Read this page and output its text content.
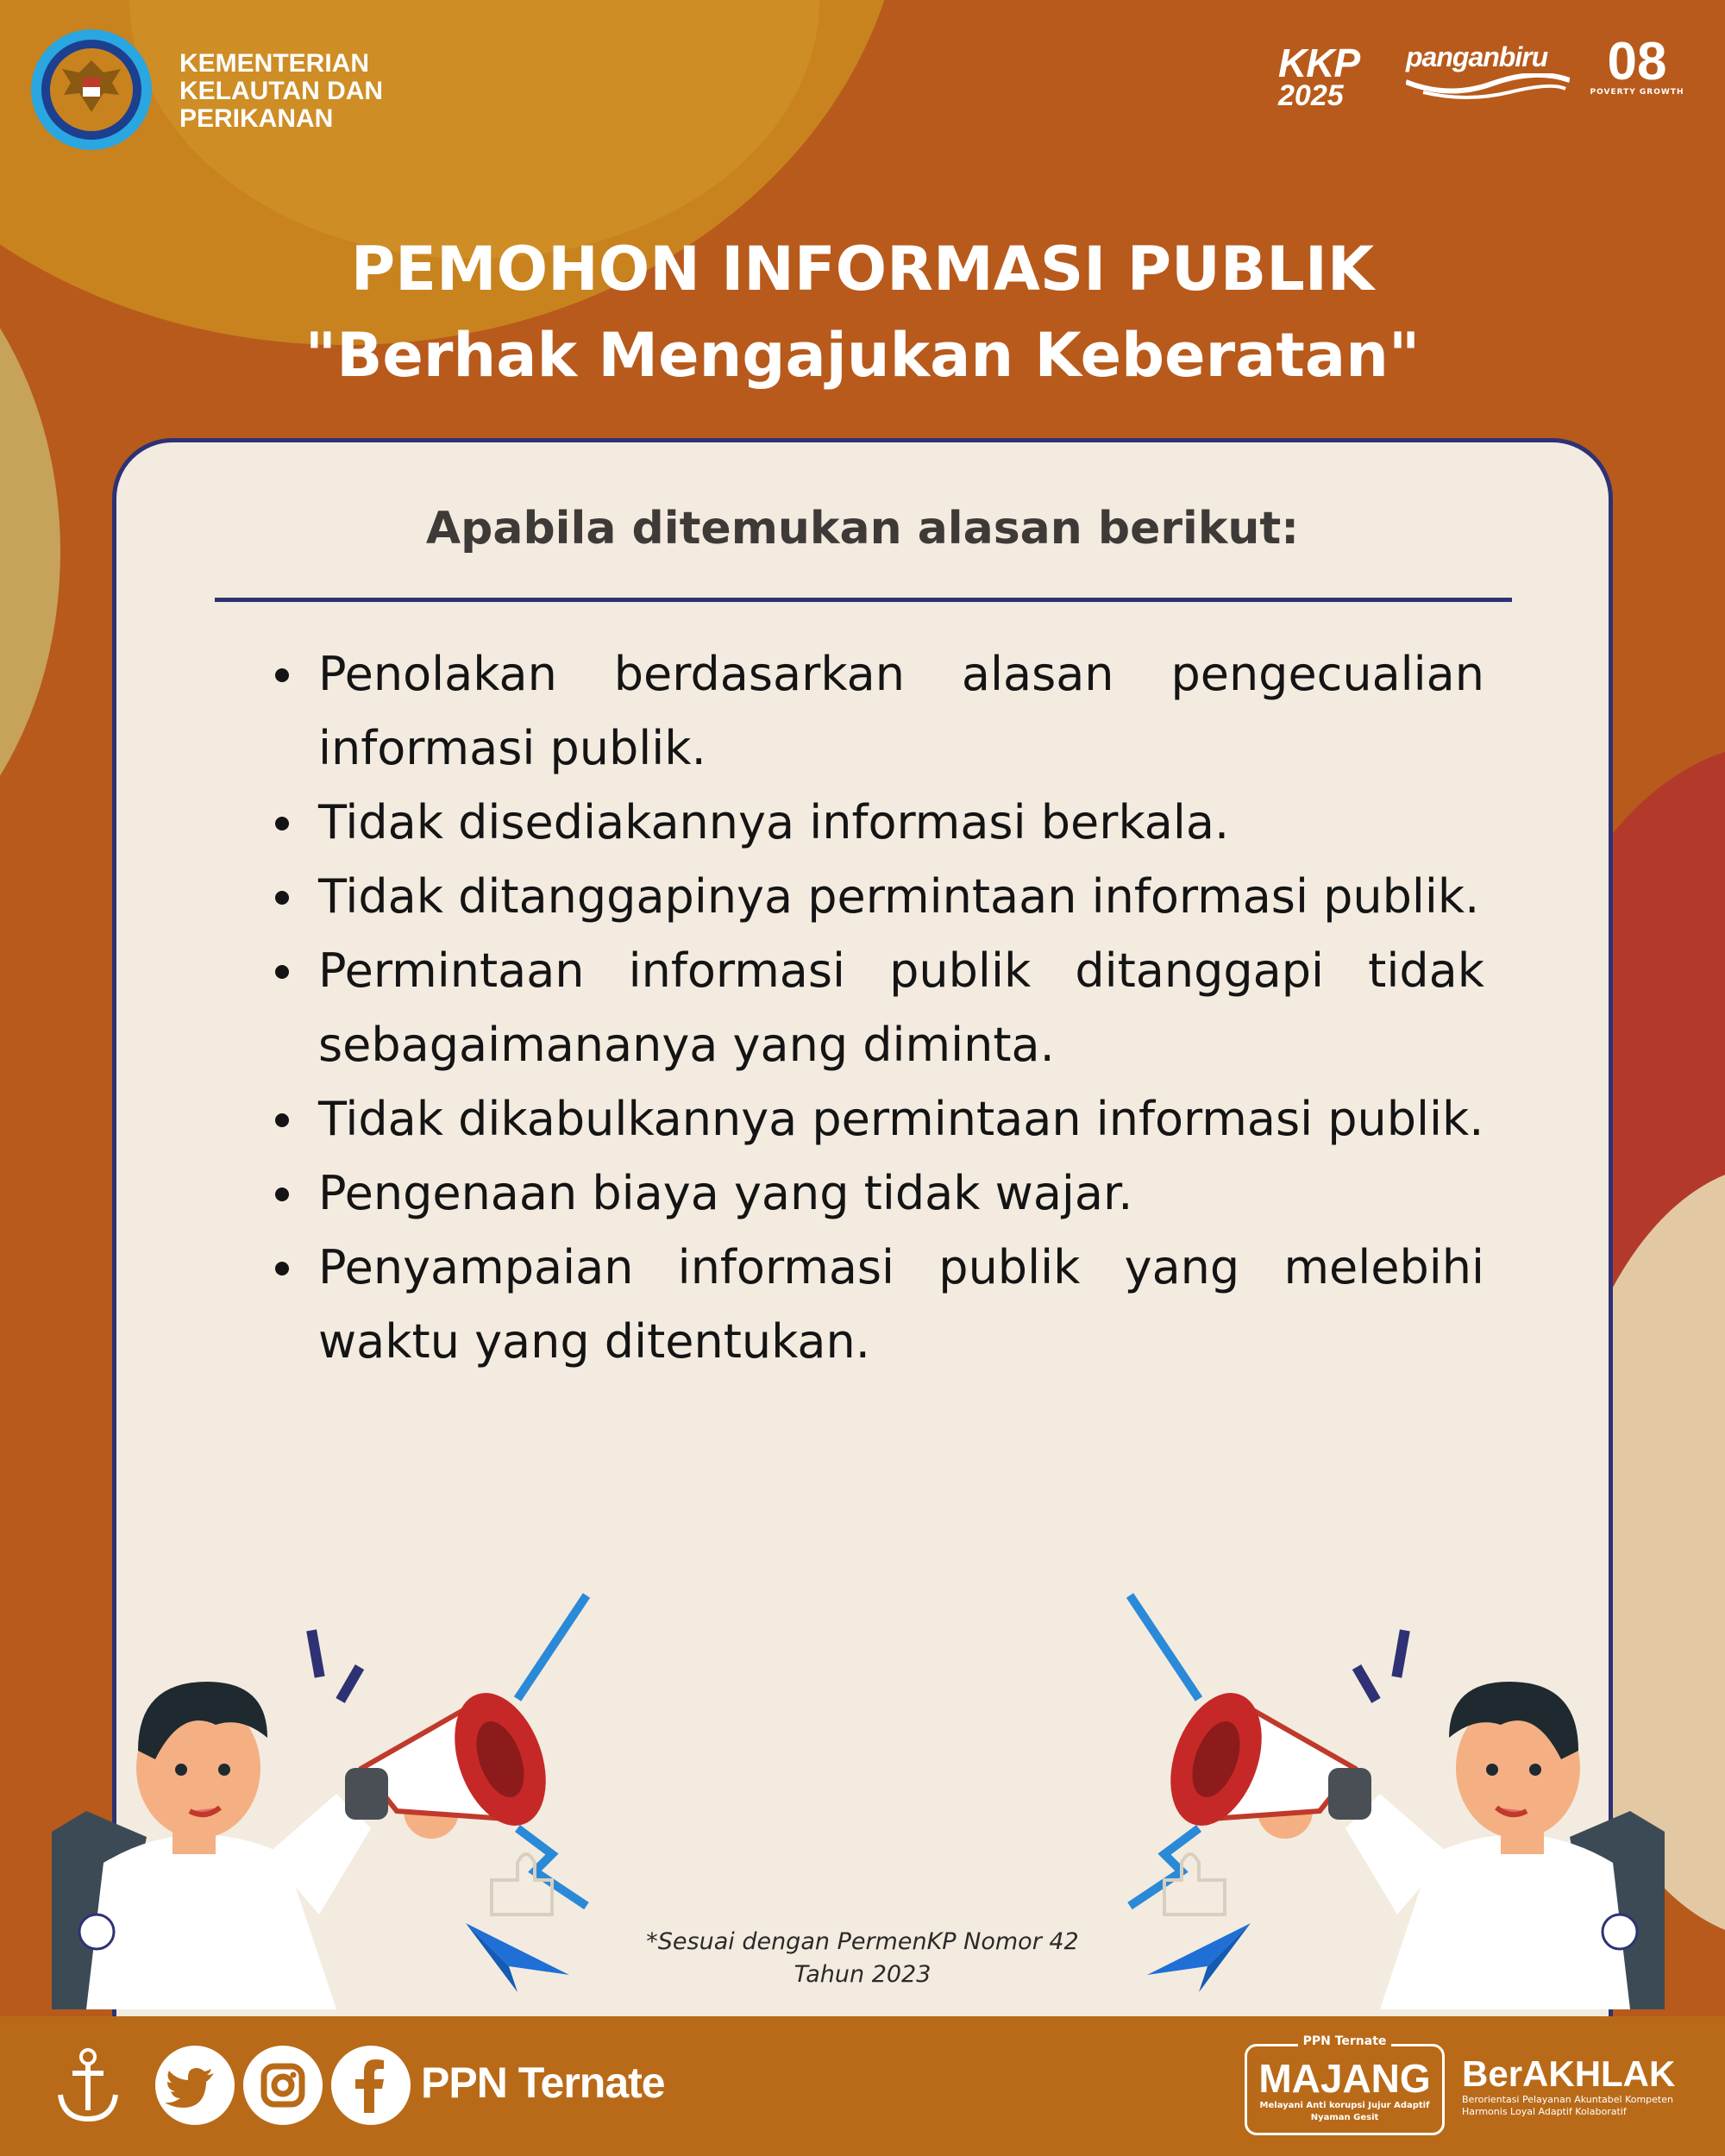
KEMENTERIAN
KELAUTAN DAN
PERIKANAN
KKP
2025
panganbiru	08
POVERTY GROWTH
PEMOHON INFORMASI PUBLIK
"Berhak Mengajukan Keberatan"
Apabila ditemukan alasan berikut:
Penolakan berdasarkan alasan pengecualian informasi publik.
Tidak disediakannya informasi berkala.
Tidak ditanggapinya permintaan informasi publik.
Permintaan informasi publik ditanggapi tidak sebagaimananya yang diminta.
Tidak dikabulkannya permintaan informasi publik.
Pengenaan biaya yang tidak wajar.
Penyampaian informasi publik yang melebihi waktu yang ditentukan.
*Sesuai dengan PermenKP Nomor 42
Tahun 2023
PPN Ternate
PPN Ternate
MAJANG
Melayani Anti korupsi Jujur Adaptif Nyaman Gesit
BerAKHLAK
Berorientasi Pelayanan Akuntabel Kompeten Harmonis Loyal Adaptif Kolaboratif
